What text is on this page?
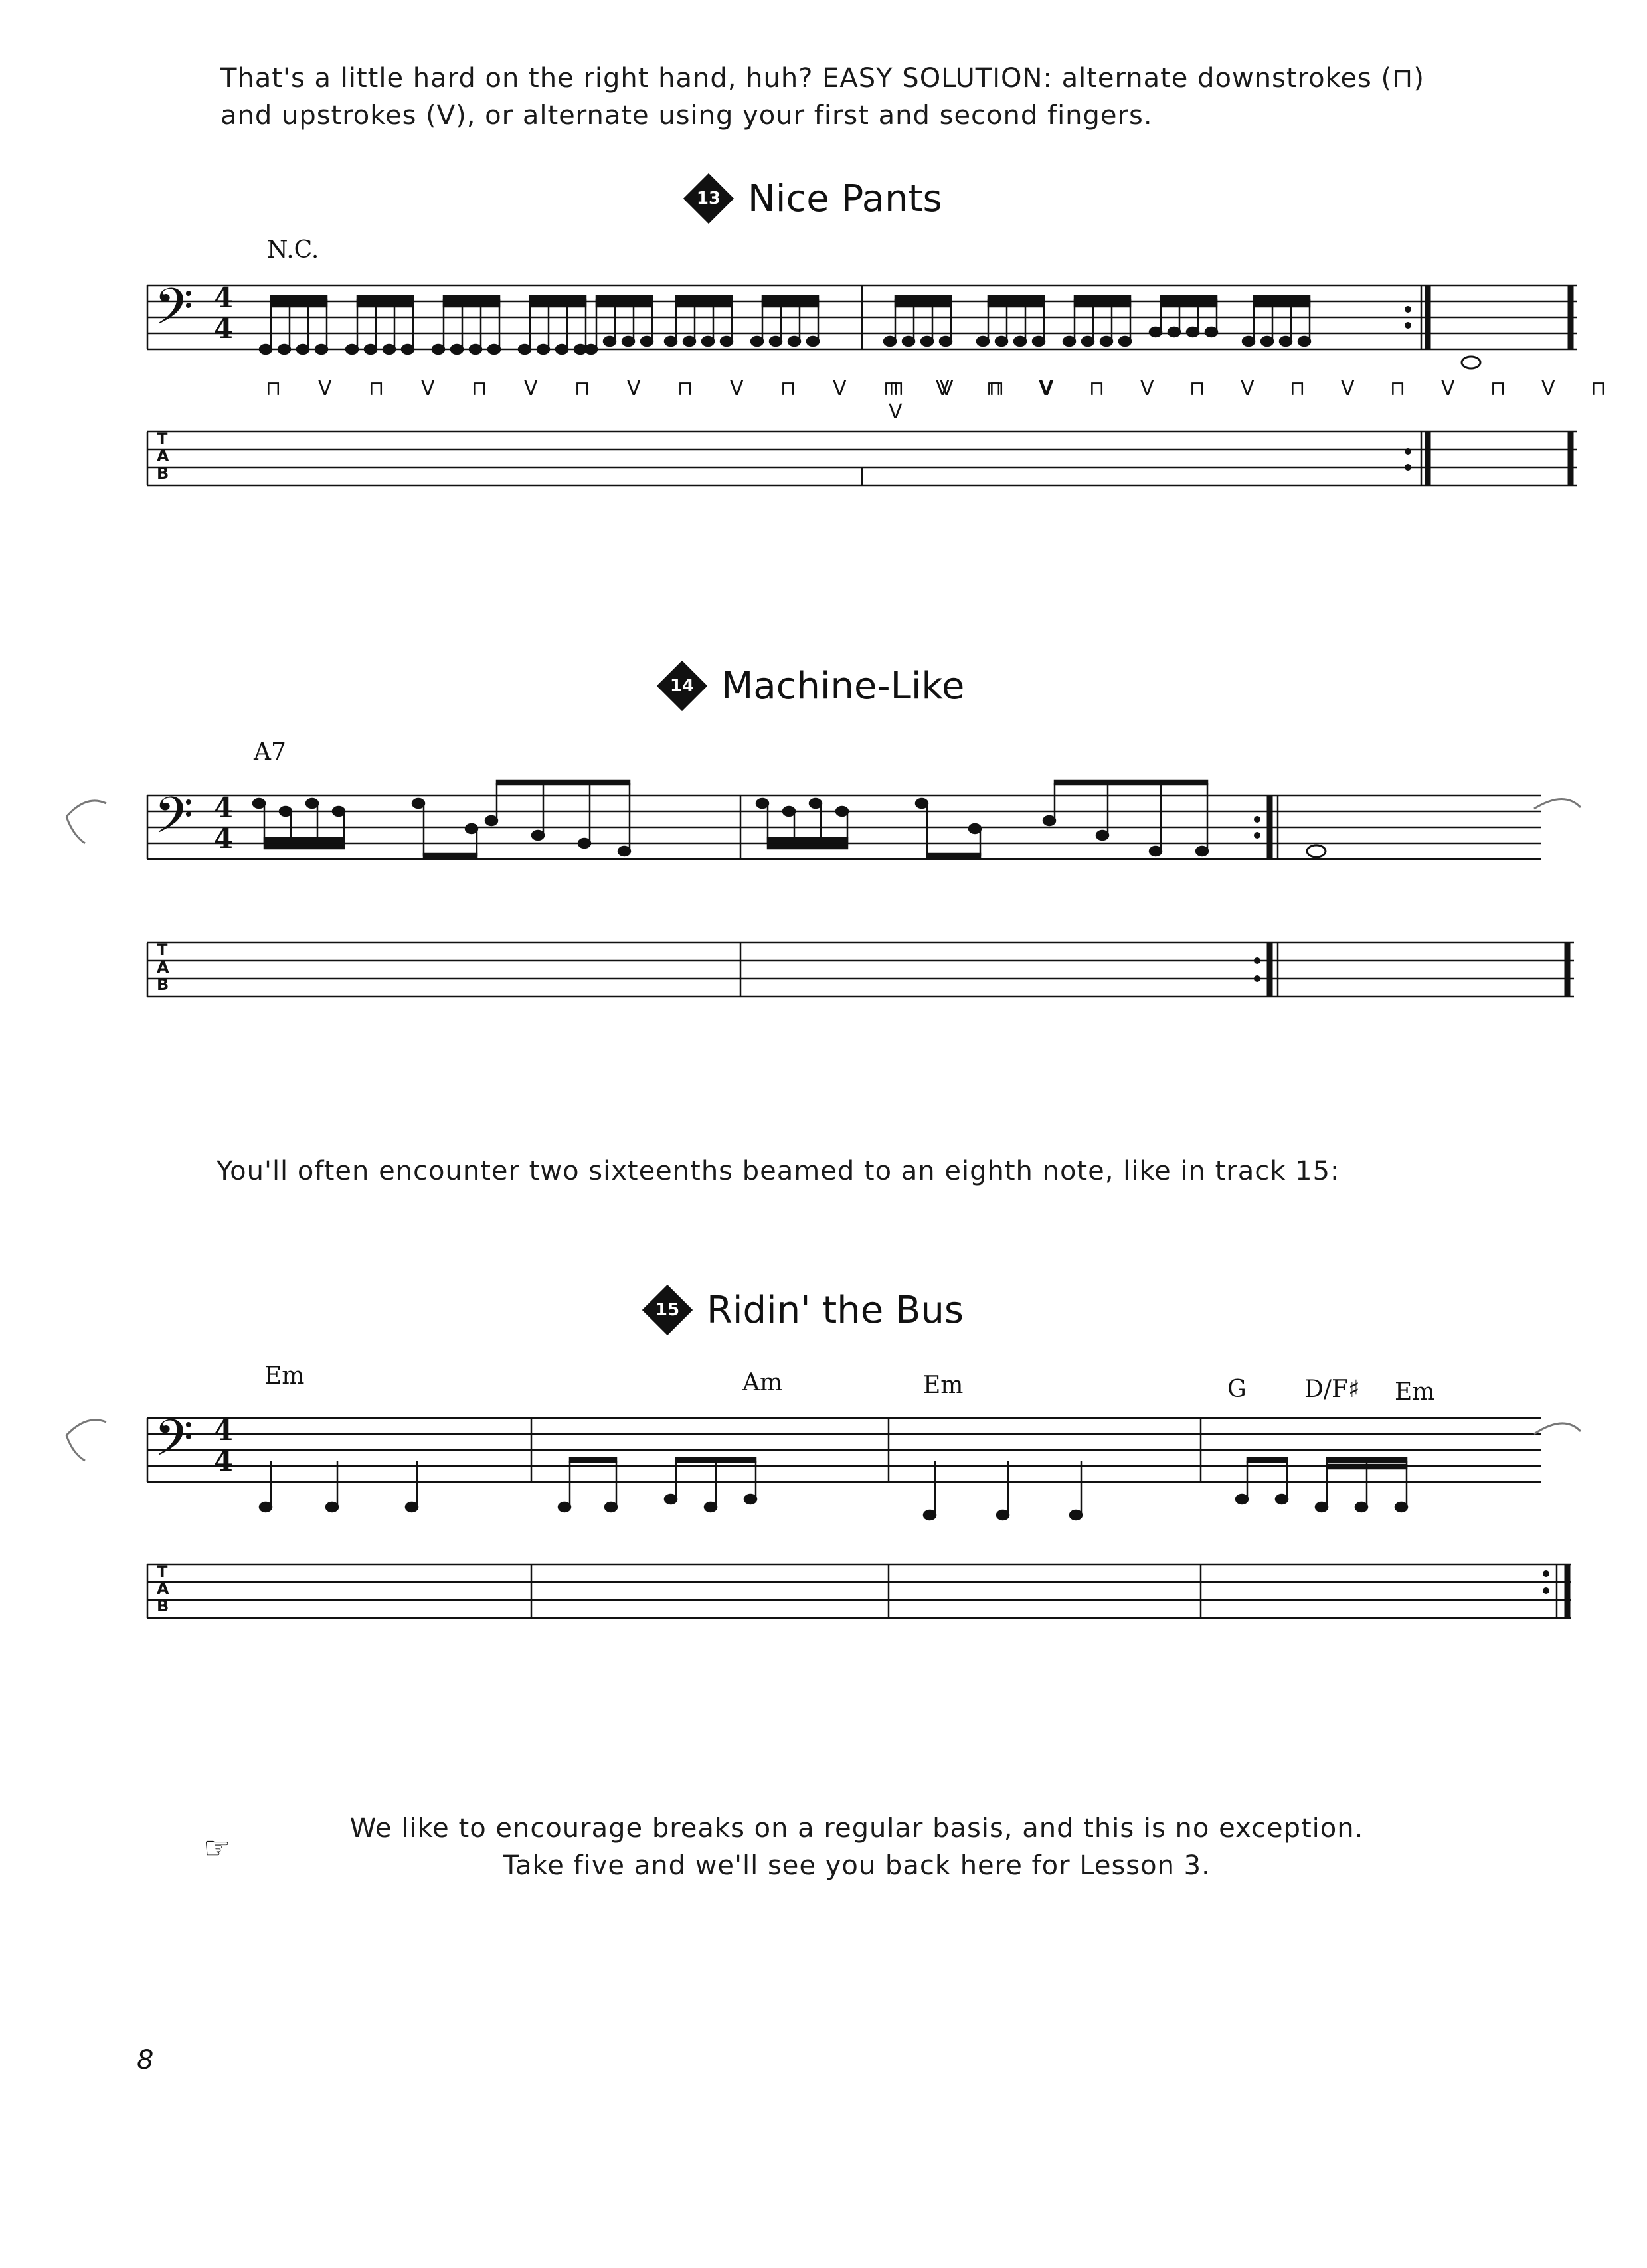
That's a little hard on the right hand, huh? EASY SOLUTION: alternate downstrokes (⊓)
and upstrokes (V), or alternate using your first and second fingers.
13 Nice Pants
N.C.
𝄢 4
4
T
A
B
⊓ V ⊓ V ⊓ V ⊓ V ⊓ V ⊓ V ⊓ V ⊓ V
⊓ V ⊓ V ⊓ V ⊓ V ⊓ V ⊓ V ⊓ V ⊓ V
14 Machine-Like
A7
𝄢 4
4
T
A
B
You'll often encounter two sixteenths beamed to an eighth note, like in track 15:
15 Ridin' the Bus
Em	Am	Em	G D/F♯ Em
𝄢 4
4
T
A
B
☞
We like to encourage breaks on a regular basis, and this is no exception.
Take five and we'll see you back here for Lesson 3.
8
